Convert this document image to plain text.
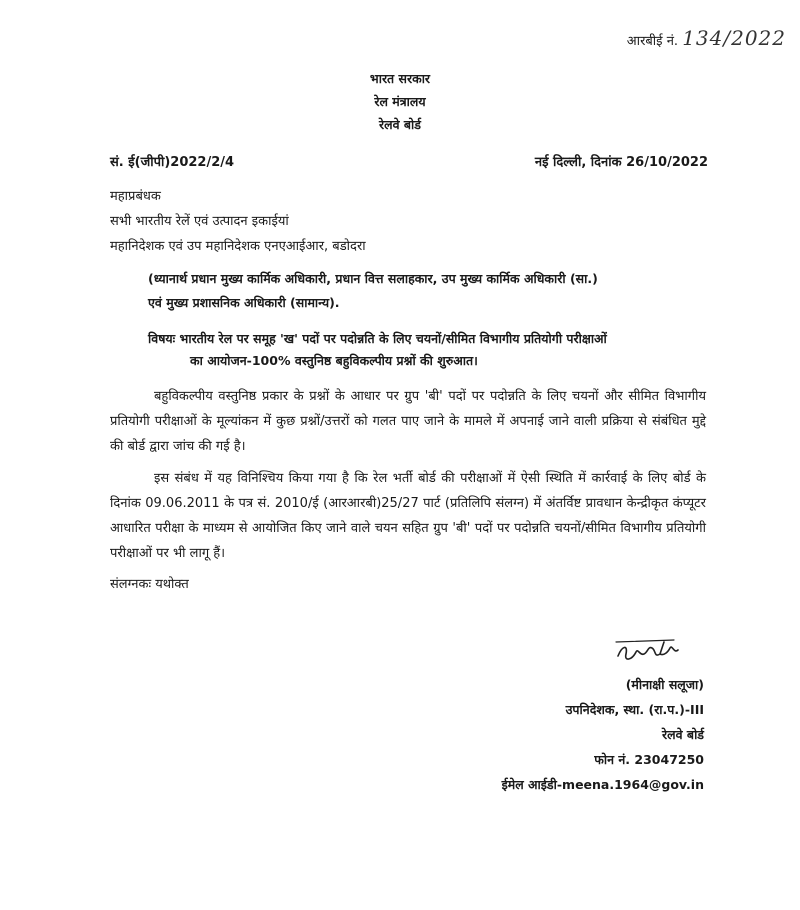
आरबीई नं. 134/2022
भारत सरकार
रेल मंत्रालय
रेलवे बोर्ड
सं. ई(जीपी)2022/2/4	नई दिल्ली, दिनांक 26/10/2022
महाप्रबंधक
सभी भारतीय रेलें एवं उत्पादन इकाईयां
महानिदेशक एवं उप महानिदेशक एनएआईआर, बडोदरा
(ध्यानार्थ प्रधान मुख्य कार्मिक अधिकारी, प्रधान वित्त सलाहकार, उप मुख्य कार्मिक अधिकारी (सा.)
एवं मुख्य प्रशासनिक अधिकारी (सामान्य).
विषयः भारतीय रेल पर समूह 'ख' पदों पर पदोन्नति के लिए चयनों/सीमित विभागीय प्रतियोगी परीक्षाओं
का आयोजन-100% वस्तुनिष्ठ बहुविकल्पीय प्रश्नों की शुरुआत।
बहुविकल्पीय वस्तुनिष्ठ प्रकार के प्रश्नों के आधार पर ग्रुप 'बी' पदों पर पदोन्नति के लिए चयनों और सीमित विभागीय प्रतियोगी परीक्षाओं के मूल्यांकन में कुछ प्रश्नों/उत्तरों को गलत पाए जाने के मामले में अपनाई जाने वाली प्रक्रिया से संबंधित मुद्दे की बोर्ड द्वारा जांच की गई है।
इस संबंध में यह विनिश्चिय किया गया है कि रेल भर्ती बोर्ड की परीक्षाओं में ऐसी स्थिति में कार्रवाई के लिए बोर्ड के दिनांक 09.06.2011 के पत्र सं. 2010/ई (आरआरबी)25/27 पार्ट (प्रतिलिपि संलग्न) में अंतर्विष्ट प्रावधान केन्द्रीकृत कंप्यूटर आधारित परीक्षा के माध्यम से आयोजित किए जाने वाले चयन सहित ग्रुप 'बी' पदों पर पदोन्नति चयनों/सीमित विभागीय प्रतियोगी परीक्षाओं पर भी लागू हैं।
संलग्नकः यथोक्त
(मीनाक्षी सलूजा)
उपनिदेशक, स्था. (रा.प.)-III
रेलवे बोर्ड
फोन नं. 23047250
ईमेल आईडी-meena.1964@gov.in
